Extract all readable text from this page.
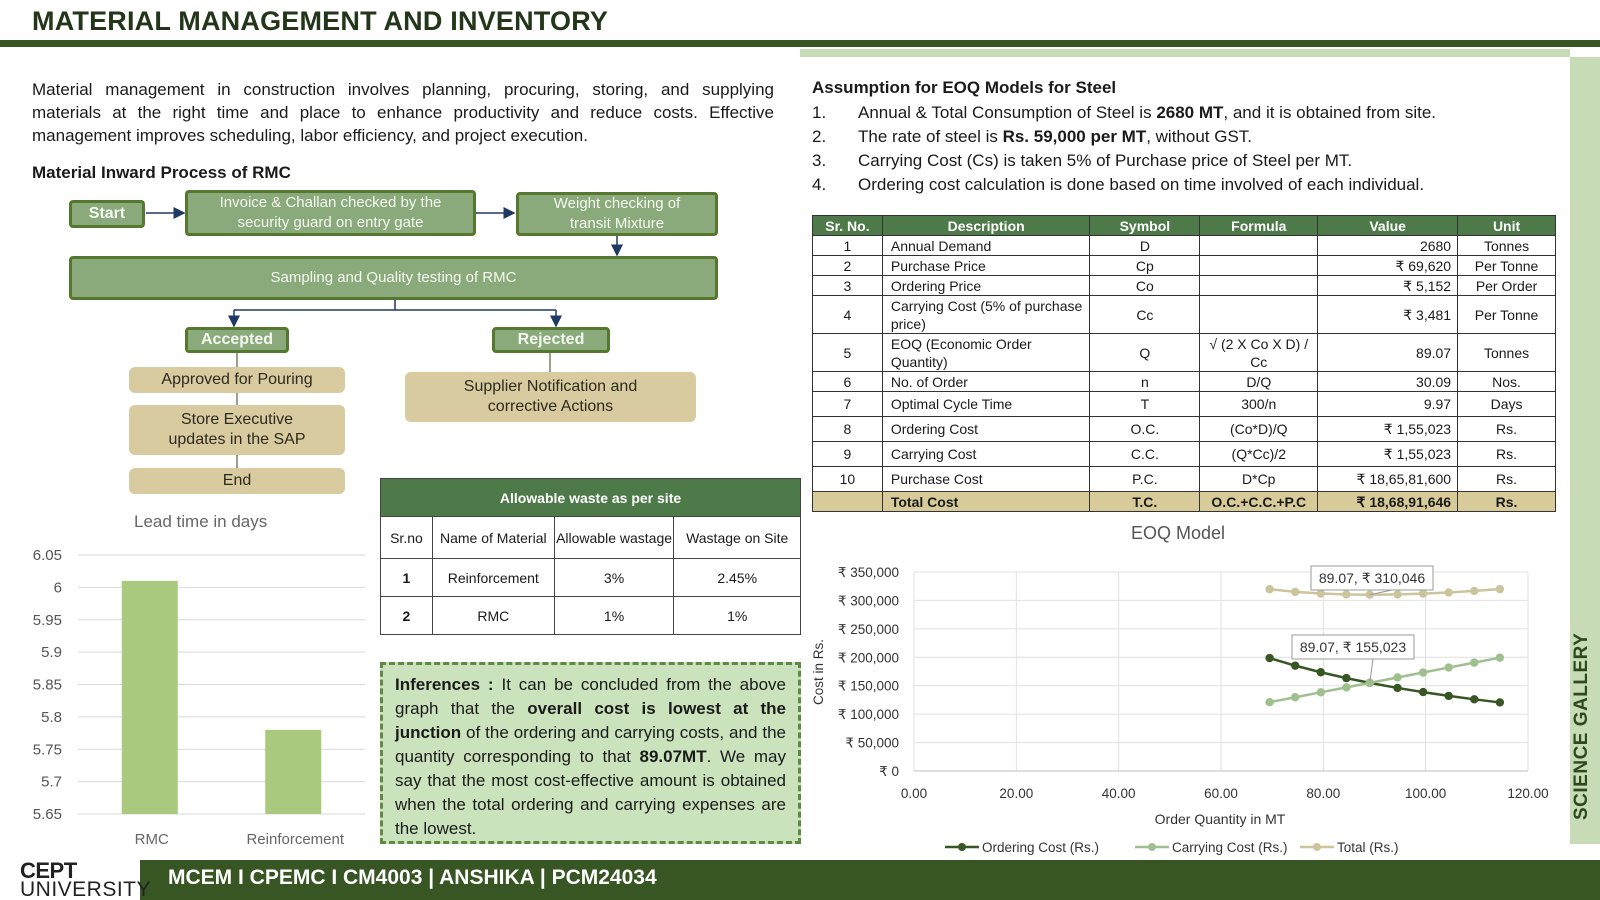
MATERIAL MANAGEMENT AND INVENTORY

Material management in construction involves planning, procuring, storing, and supplying materials at the right time and place to enhance productivity and reduce costs. Effective management improves scheduling, labor efficiency, and project execution.

Material Inward Process of RMC
Start
Invoice & Challan checked by the security guard on entry gate
Weight checking of transit Mixture
Sampling and Quality testing of RMC
Accepted	Rejected
Approved for Pouring
Store Executive updates in the SAP
End
Supplier Notification and corrective Actions
Lead time in days
6.05
6
5.95
5.9
5.85
5.8
5.75
5.7
5.65
RMC	Reinforcement
Allowable waste as per site			
Sr.no	Name of Material	Allowable wastage	Wastage on Site
1	Reinforcement	3%	2.45%
2	RMC	1%	1%
Inferences : It can be concluded from the above graph that the overall cost is lowest at the junction of the ordering and carrying costs, and the quantity corresponding to that 89.07MT. We may say that the most cost-effective amount is obtained when the total ordering and carrying expenses are the lowest.
Assumption for EOQ Models for Steel
1.	Annual & Total Consumption of Steel is 2680 MT, and it is obtained from site.
2.	The rate of steel is Rs. 59,000 per MT, without GST.
3.	Carrying Cost (Cs) is taken 5% of Purchase price of Steel per MT.
4.	Ordering cost calculation is done based on time involved of each individual.
Sr. No.	Description	Symbol	Formula	Value	Unit
1	Annual Demand	D		2680	Tonnes
2	Purchase Price	Cp		₹ 69,620	Per Tonne
3	Ordering Price	Co		₹ 5,152	Per Order
4	Carrying Cost (5% of purchase price)	Cc		₹ 3,481	Per Tonne
5	EOQ (Economic Order Quantity)	Q	√ (2 X Co X D) / Cc	89.07	Tonnes
6	No. of Order	n	D/Q	30.09	Nos.
7	Optimal Cycle Time	T	300/n	9.97	Days
8	Ordering Cost	O.C.	(Co*D)/Q	₹ 1,55,023	Rs.
9	Carrying Cost	C.C.	(Q*Cc)/2	₹ 1,55,023	Rs.
10	Purchase Cost	P.C.	D*Cp	₹ 18,65,81,600	Rs.
	Total Cost	T.C.	O.C.+C.C.+P.C	₹ 18,68,91,646	Rs.
EOQ Model
₹ 0
₹ 50,000
₹ 100,000
₹ 150,000
₹ 200,000
₹ 250,000
₹ 300,000
₹ 350,000
0.00	20.00	40.00	60.00	80.00	100.00	120.00
Order Quantity in MT
Cost in Rs.
89.07, ₹ 310,046
89.07, ₹ 155,023
Ordering Cost (Rs.)	Carrying Cost (Rs.)	Total (Rs.)
SCIENCE GALLERY
CEPT
UNIVERSITY
MCEM I CPEMC I CM4003 | ANSHIKA | PCM24034
